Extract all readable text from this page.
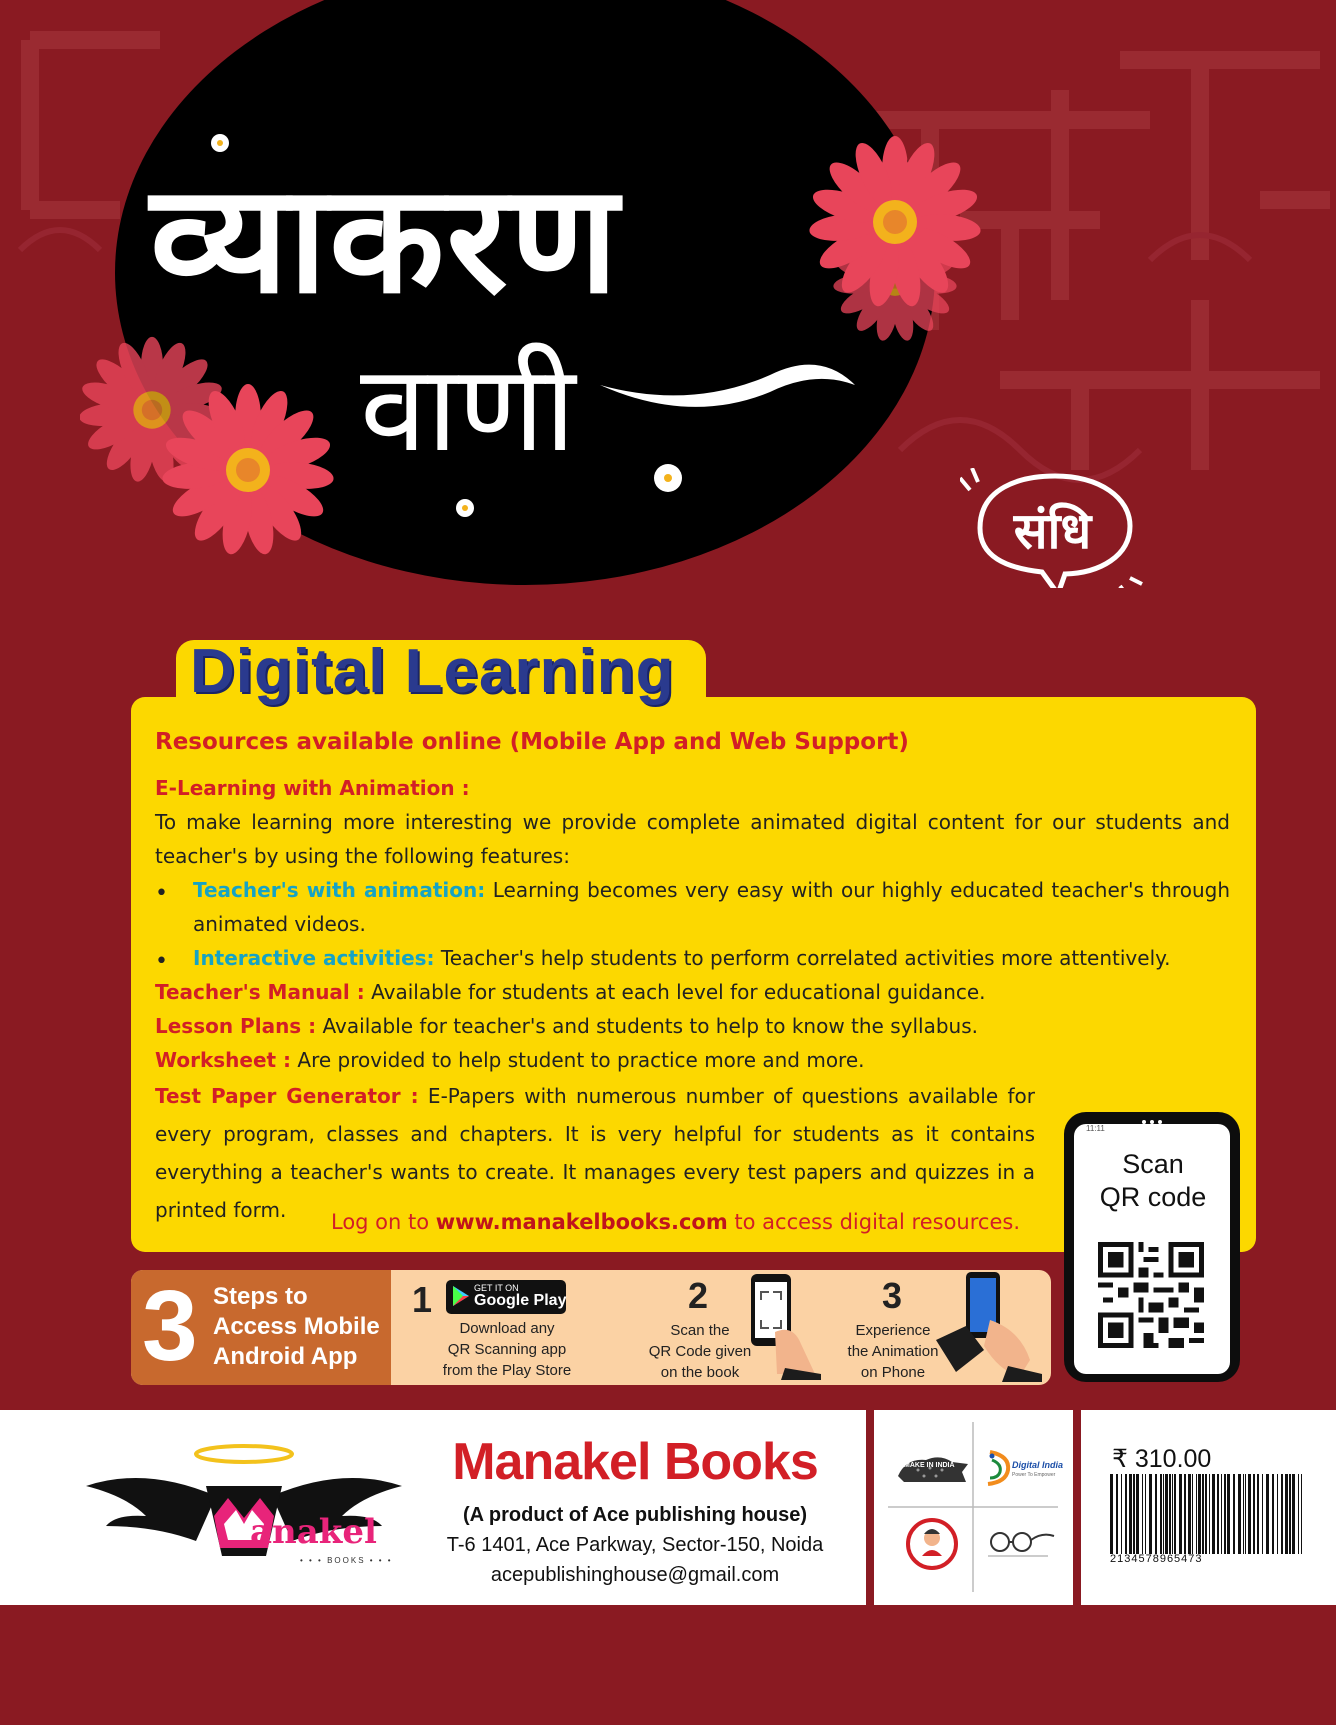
व्याकरण
वाणी
संधि
Digital Learning

Resources available online (Mobile App and Web Support)

E-Learning with Animation :

To make learning more interesting we provide complete animated digital content for our students and teacher's by using the following features:

• Teacher's with animation: Learning becomes very easy with our highly educated teacher's through animated videos.

• Interactive activities: Teacher's help students to perform correlated activities more attentively.

Teacher's Manual : Available for students at each level for educational guidance.

Lesson Plans : Available for teacher's and students to help to know the syllabus.

Worksheet : Are provided to help student to practice more and more.

Test Paper Generator : E-Papers with numerous number of questions available for every program, classes and chapters. It is very helpful for students as it contains everything a teacher's wants to create. It manages every test papers and quizzes in a printed form.	Log on to www.manakelbooks.com to access digital resources.
3 Steps to
Access Mobile
Android App
1	GET IT ON
Google Play
Download any
QR Scanning app
from the Play Store
2
Scan the
QR Code given
on the book
3
Experience
the Animation
on Phone
11:11
Scan
QR code
anakel
• • • BOOKS • • •
Manakel Books
(A product of Ace publishing house)
T-6 1401, Ace Parkway, Sector-150, Noida
acepublishinghouse@gmail.com
MAKE IN INDIA	Digital India
Power To Empower
₹ 310.00
2134578965473
